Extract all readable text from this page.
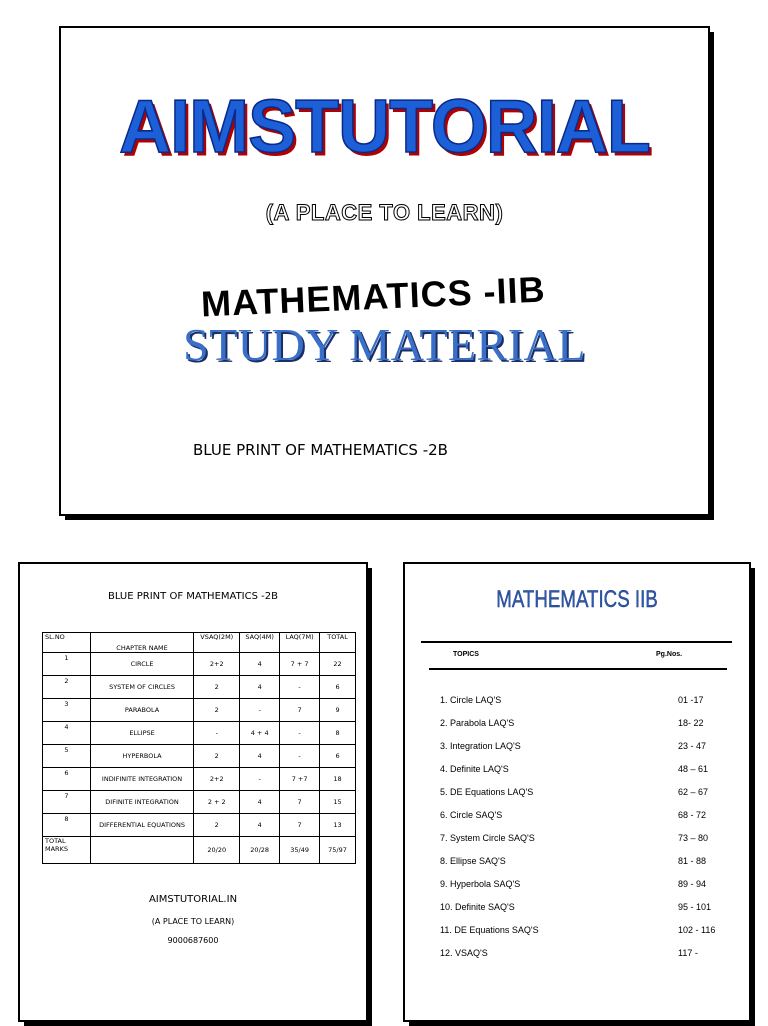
AIMSTUTORIAL
(A PLACE TO LEARN)
MATHEMATICS -IIB
STUDY MATERIAL
BLUE PRINT OF MATHEMATICS -2B
BLUE PRINT OF MATHEMATICS -2B
SL.NO	CHAPTER NAME	VSAQ(2M)	SAQ(4M)	LAQ(7M)	TOTAL
1	CIRCLE	2+2	4	7 + 7	22
2	SYSTEM OF CIRCLES	2	4	-	6
3	PARABOLA	2	-	7	9
4	ELLIPSE	-	4 + 4	-	8
5	HYPERBOLA	2	4	-	6
6	INDIFINITE INTEGRATION	2+2	-	7 +7	18
7	DIFINITE INTEGRATION	2 + 2	4	7	15
8	DIFFERENTIAL EQUATIONS	2	4	7	13
TOTAL MARKS		20/20	20/28	35/49	75/97
AIMSTUTORIAL.IN
(A PLACE TO LEARN)
9000687600
MATHEMATICS IIB
TOPICS	Pg.Nos.
1. Circle LAQ'S	01 -17
2. Parabola LAQ'S	18- 22
3. Integration LAQ'S	23 - 47
4. Definite LAQ'S	48 – 61
5. DE Equations LAQ'S	62 – 67
6. Circle SAQ'S	68 - 72
7. System Circle SAQ'S	73 – 80
8. Ellipse SAQ'S	81 - 88
9. Hyperbola SAQ'S	89 - 94
10. Definite SAQ'S	95 - 101
11. DE Equations SAQ'S	102 - 116
12. VSAQ'S	117 -
